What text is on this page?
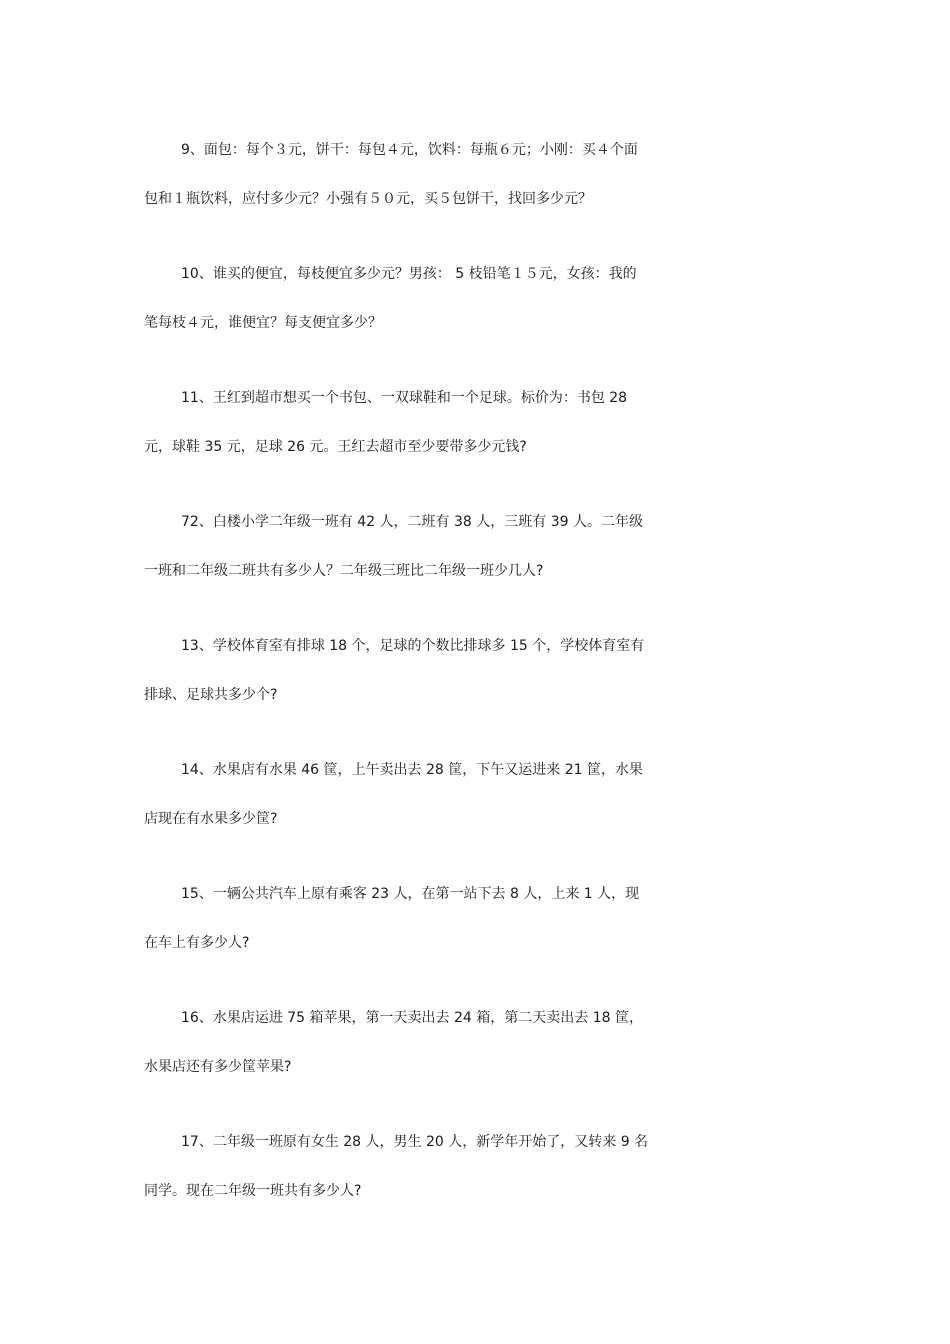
9、面包：每个３元，饼干：每包４元，饮料：每瓶６元；小刚：买４个面
包和１瓶饮料，应付多少元？小强有５０元，买５包饼干，找回多少元？
10、谁买的便宜，每枝便宜多少元？男孩： 5 枝铅笔１５元，女孩：我的
笔每枝４元，谁便宜？每支便宜多少？
11、王红到超市想买一个书包、一双球鞋和一个足球。标价为：书包 28
元，球鞋 35 元，足球 26 元。王红去超市至少要带多少元钱?
72、白楼小学二年级一班有 42 人，二班有 38 人，三班有 39 人。二年级
一班和二年级二班共有多少人？二年级三班比二年级一班少几人?
13、学校体育室有排球 18 个，足球的个数比排球多 15 个，学校体育室有
排球、足球共多少个?
14、水果店有水果 46 筐，上午卖出去 28 筐，下午又运进来 21 筐，水果
店现在有水果多少筐?
15、一辆公共汽车上原有乘客 23 人，在第一站下去 8 人，上来 1 人，现
在车上有多少人?
16、水果店运进 75 箱苹果，第一天卖出去 24 箱，第二天卖出去 18 筐，
水果店还有多少筐苹果?
17、二年级一班原有女生 28 人，男生 20 人，新学年开始了，又转来 9 名
同学。现在二年级一班共有多少人?
